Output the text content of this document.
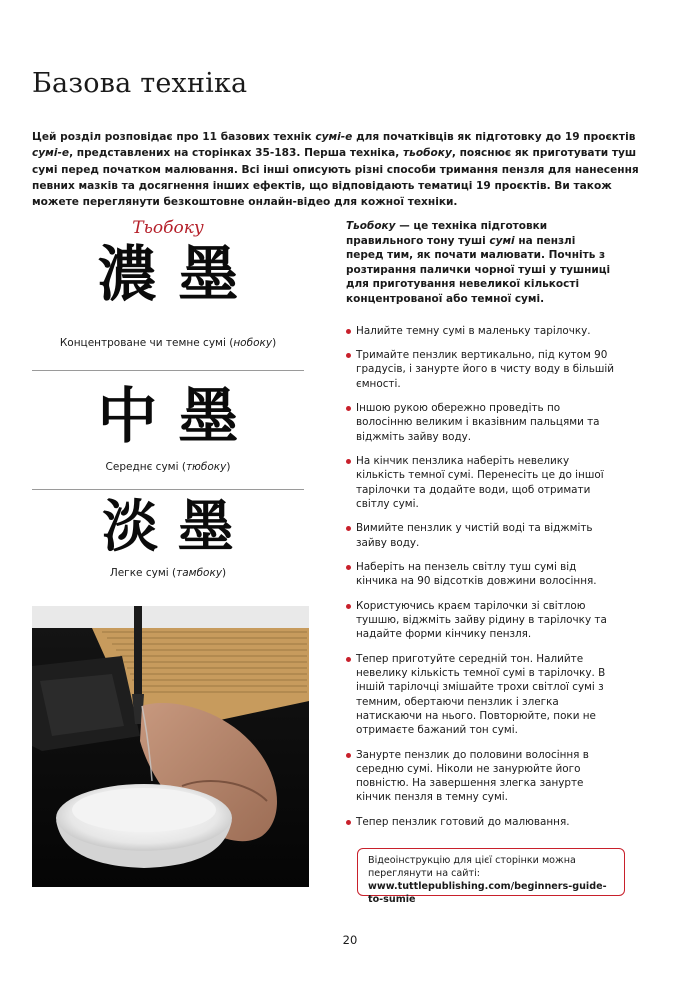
Базова техніка

Цей розділ розповідає про 11 базових технік сумі-е для початківців як підготовку до 19 проєктів сумі-е, представлених на сторінках 35-183. Перша техніка, тьобоку, пояснює як приготувати туш сумі перед початком малювання. Всі інші описують різні способи тримання пензля для нанесення певних мазків та досягнення інших ефектів, що відповідають тематиці 19 проєктів. Ви також можете переглянути безкоштовне онлайн-відео для кожної техніки.

Тьобоку
濃 墨
Концентроване чи темне сумі (нобоку)
中 墨
Середнє сумі (тюбоку)
淡 墨
Легке сумі (тамбоку)

Тьобоку — це техніка підготовки правильного тону туші сумі на пензлі перед тим, як почати малювати. Почніть з розтирання палички чорної туші у тушниці для приготування невеликої кількості концентрованої або темної сумі.

Налийте темну сумі в маленьку тарілочку.
Тримайте пензлик вертикально, під кутом 90 градусів, і занурте його в чисту воду в більшій ємності.
Іншою рукою обережно проведіть по волосінню великим і вказівним пальцями та віджміть зайву воду.
На кінчик пензлика наберіть невелику кількість темної сумі. Перенесіть це до іншої тарілочки та додайте води, щоб отримати світлу сумі.
Вимийте пензлик у чистій воді та віджміть зайву воду.
Наберіть на пензель світлу туш сумі від кінчика на 90 відсотків довжини волосіння.
Користуючись краєм тарілочки зі світлою тушшю, віджміть зайву рідину в тарілочку та надайте форми кінчику пензля.
Тепер приготуйте середній тон. Налийте невелику кількість темної сумі в тарілочку. В іншій тарілочці змішайте трохи світлої сумі з темним, обертаючи пензлик і злегка натискаючи на нього. Повторюйте, поки не отримаєте бажаний тон сумі.
Занурте пензлик до половини волосіння в середню сумі. Ніколи не занурюйте його повністю. На завершення злегка занурте кінчик пензля в темну сумі.
Тепер пензлик готовий до малювання.
Відеоінструкцію для цієї сторінки можна переглянути на сайті:
www.tuttlepublishing.com/beginners-guide-to-sumie
20
